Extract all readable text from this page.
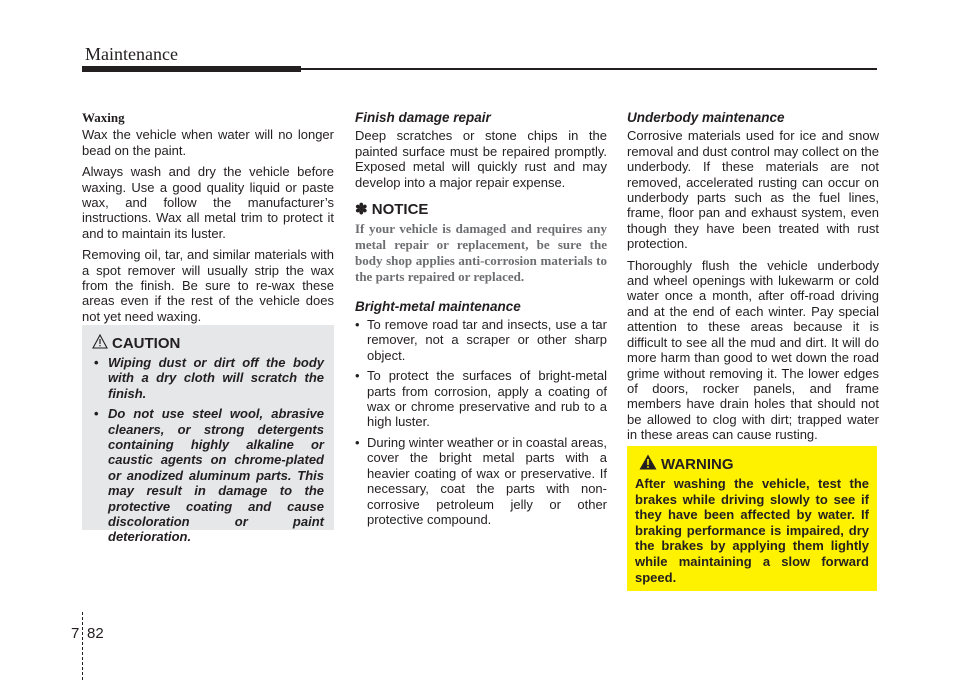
Maintenance
Waxing

Wax the vehicle when water will no longer bead on the paint.

Always wash and dry the vehicle before waxing. Use a good quality liquid or paste wax, and follow the manufacturer’s instructions. Wax all metal trim to protect it and to maintain its luster.

Removing oil, tar, and similar materials with a spot remover will usually strip the wax from the finish. Be sure to re-wax these areas even if the rest of the vehicle does not yet need waxing.

CAUTION
• Wiping dust or dirt off the body with a dry cloth will scratch the finish.
• Do not use steel wool, abrasive cleaners, or strong detergents containing highly alkaline or caustic agents on chrome-plated or anodized aluminum parts. This may result in damage to the protective coating and cause discoloration or paint deterioration.
Finish damage repair

Deep scratches or stone chips in the painted surface must be repaired promptly. Exposed metal will quickly rust and may develop into a major repair expense.

✽ NOTICE
If your vehicle is damaged and requires any metal repair or replacement, be sure the body shop applies anti-corrosion materials to the parts repaired or replaced.
Bright-metal maintenance
• To remove road tar and insects, use a tar remover, not a scraper or other sharp object.
• To protect the surfaces of bright-metal parts from corrosion, apply a coating of wax or chrome preservative and rub to a high luster.
• During winter weather or in coastal areas, cover the bright metal parts with a heavier coating of wax or preservative. If necessary, coat the parts with non-corrosive petroleum jelly or other protective compound.
Underbody maintenance

Corrosive materials used for ice and snow removal and dust control may collect on the underbody. If these materials are not removed, accelerated rusting can occur on underbody parts such as the fuel lines, frame, floor pan and exhaust system, even though they have been treated with rust protection.

Thoroughly flush the vehicle underbody and wheel openings with lukewarm or cold water once a month, after off-road driving and at the end of each winter. Pay special attention to these areas because it is difficult to see all the mud and dirt. It will do more harm than good to wet down the road grime without removing it. The lower edges of doors, rocker panels, and frame members have drain holes that should not be allowed to clog with dirt; trapped water in these areas can cause rusting.

WARNING
After washing the vehicle, test the brakes while driving slowly to see if they have been affected by water. If braking performance is impaired, dry the brakes by applying them lightly while maintaining a slow forward speed.
7 82
